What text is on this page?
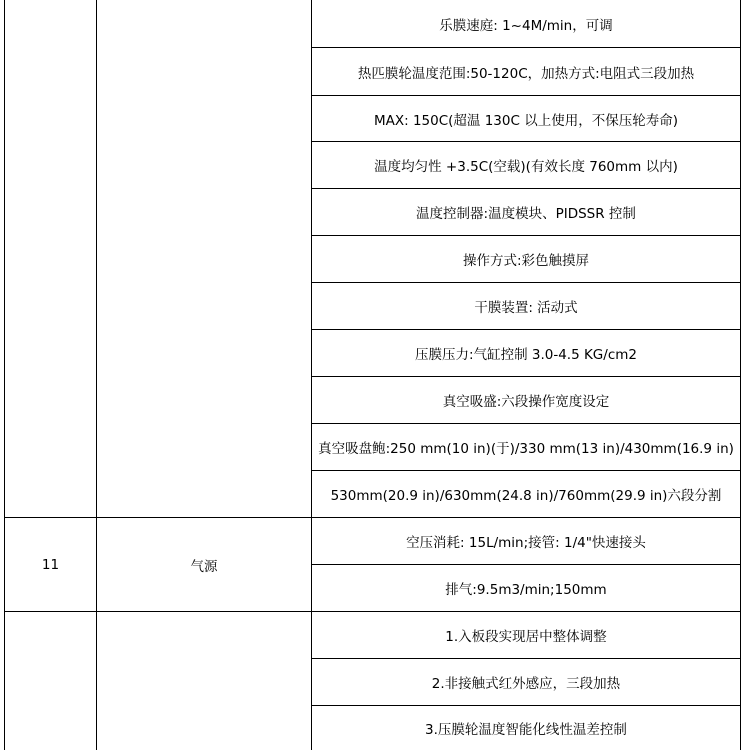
乐膜速庭: 1~4M/min，可调
热匹膜轮温度范围:50-120C，加热方式:电阻式三段加热
MAX: 150C(超温 130C 以上使用，不保压轮寿命)
温度均匀性 +3.5C(空载)(有效长度 760mm 以内)
温度控制器:温度模块、PIDSSR 控制
操作方式:彩色触摸屏
干膜装置: 活动式
压膜压力:气缸控制 3.0-4.5 KG/cm2
真空吸盛:六段操作宽度设定
真空吸盘鲍:250 mm(10 in)(于)/330 mm(13 in)/430mm(16.9 in)
530mm(20.9 in)/630mm(24.8 in)/760mm(29.9 in)六段分割
11	气源
空压消耗: 15L/min;接管: 1/4"快速接头
排气:9.5m3/min;150mm
1.入板段实现居中整体调整
2.非接触式红外感应，三段加热
3.压膜轮温度智能化线性温差控制
